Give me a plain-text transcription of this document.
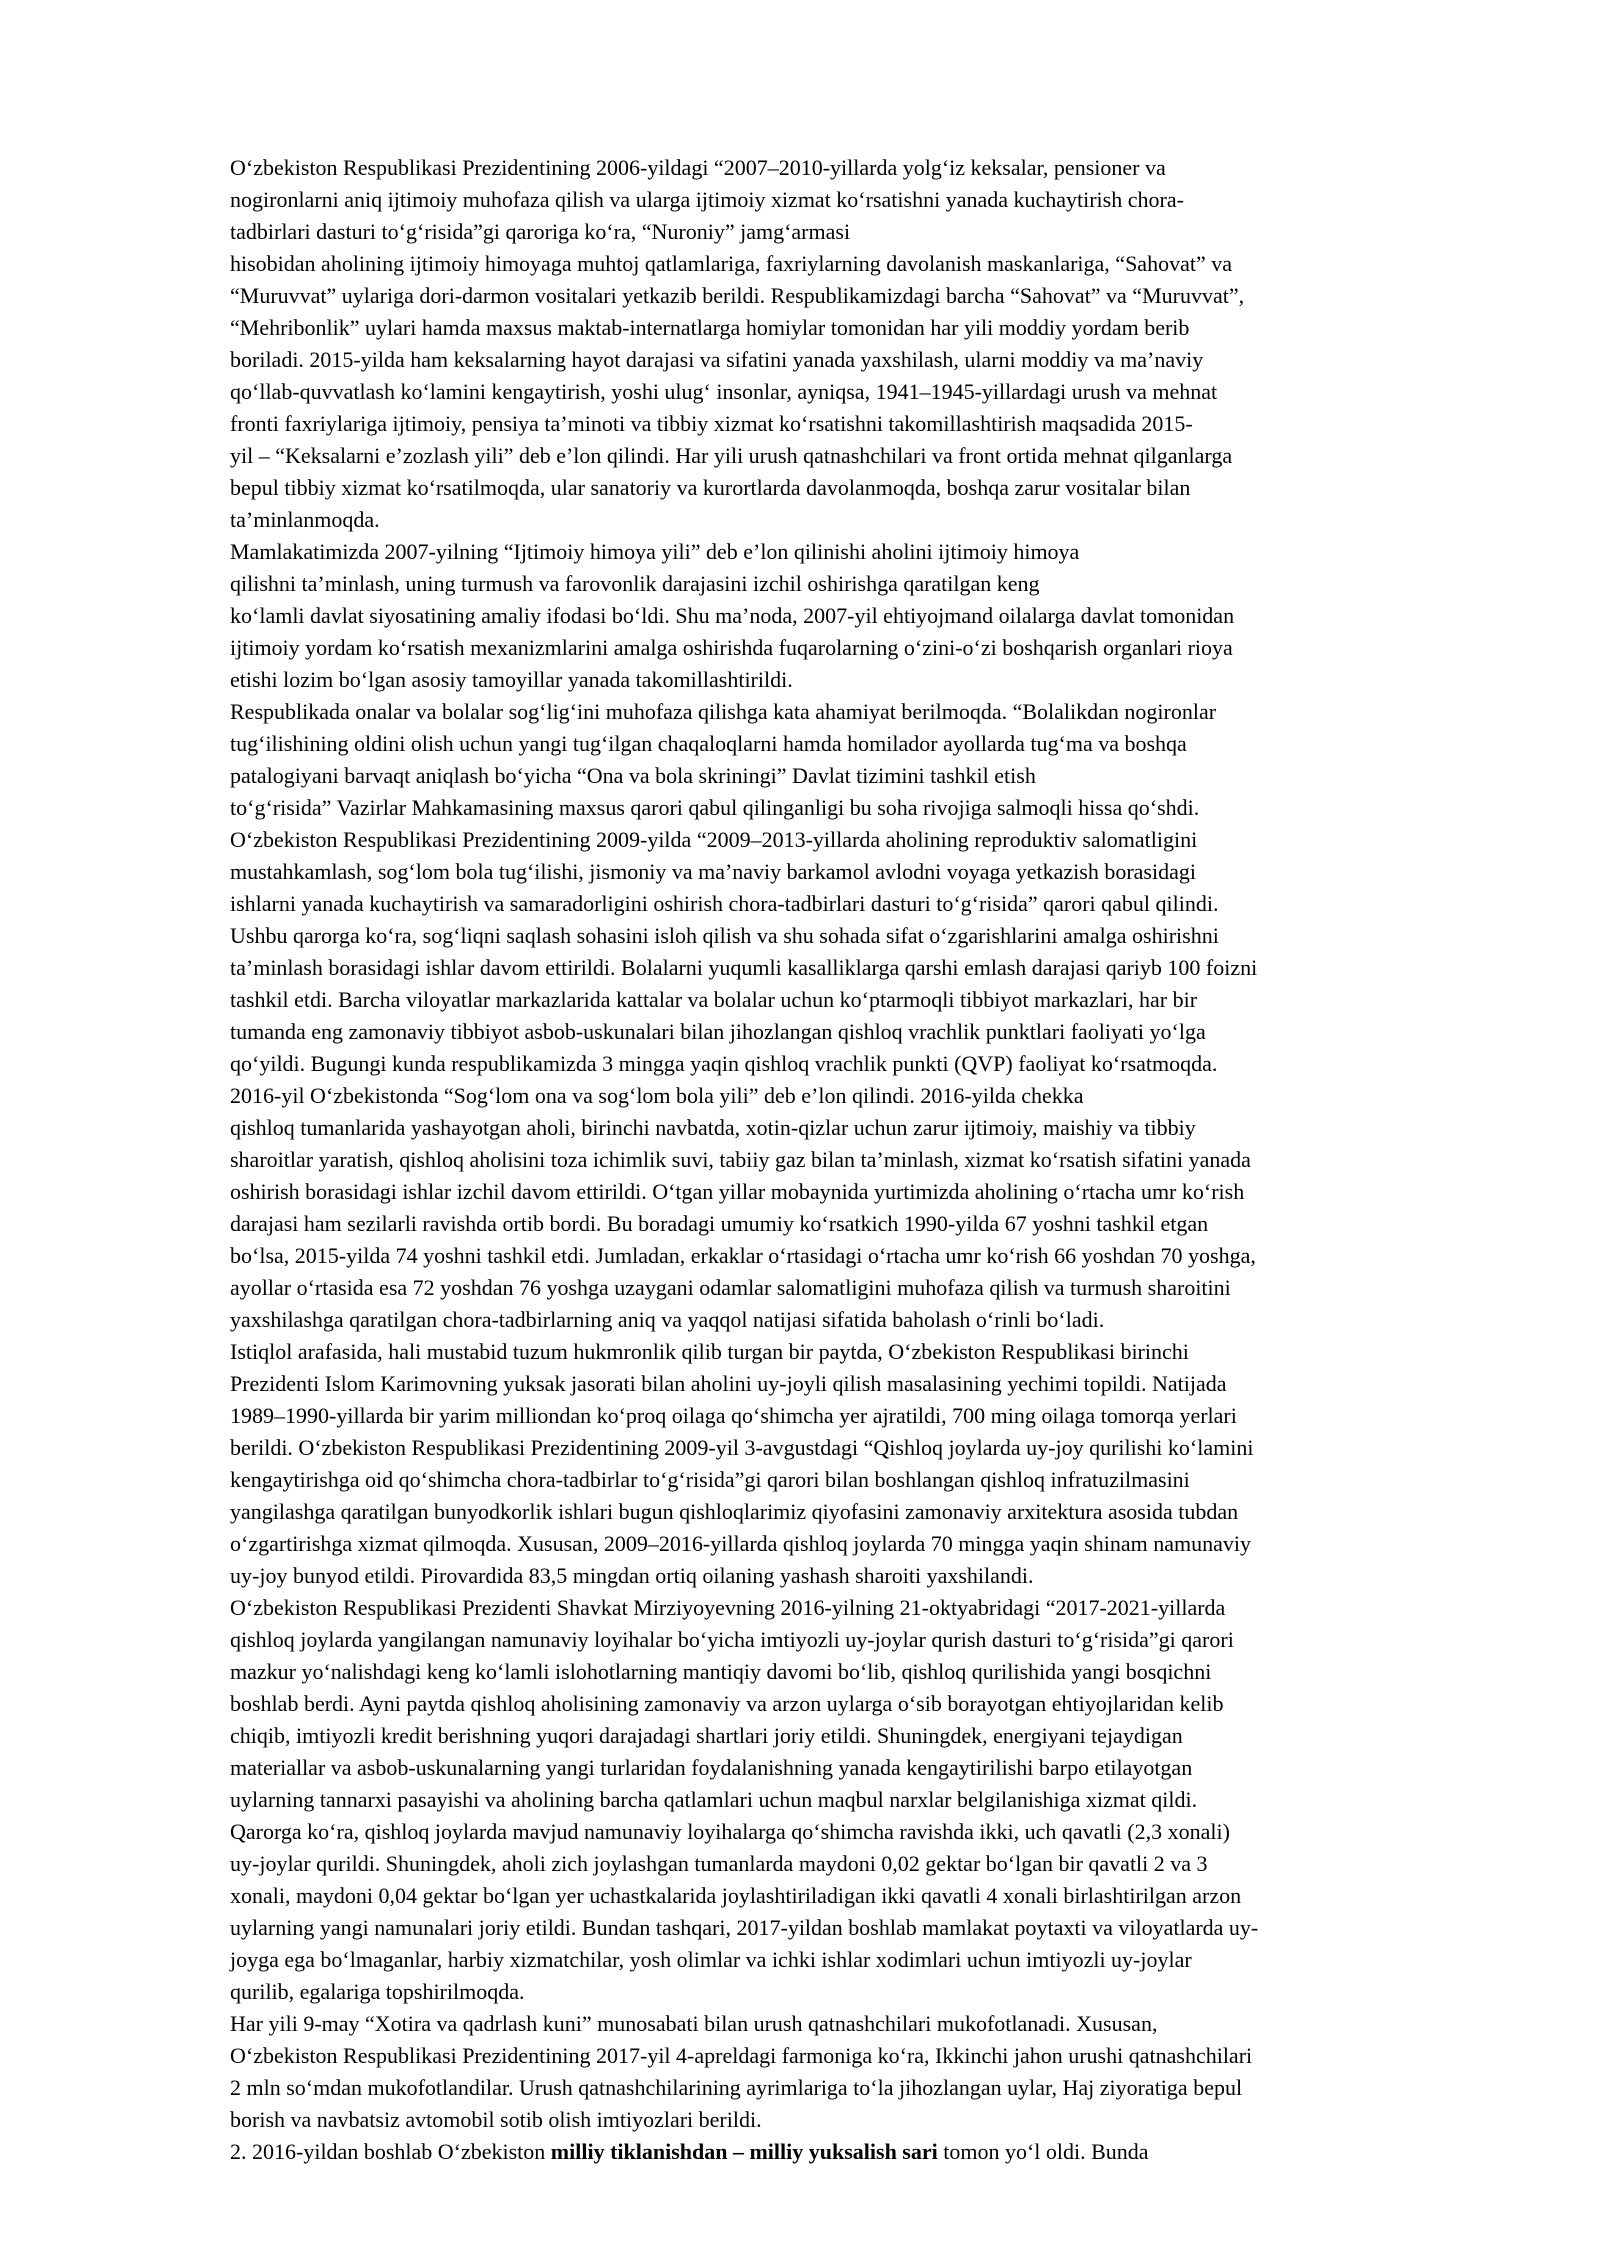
O‘zbekiston Respublikasi Prezidentining 2006-yildagi “2007–2010-yillarda yolg‘iz keksalar, pensioner va
nogironlarni aniq ijtimoiy muhofaza qilish va ularga ijtimoiy xizmat ko‘rsatishni yanada kuchaytirish chora-
tadbirlari dasturi to‘g‘risida”gi qaroriga ko‘ra, “Nuroniy” jamg‘armasi
hisobidan aholining ijtimoiy himoyaga muhtoj qatlamlariga, faxriylarning davolanish maskanlariga, “Sahovat” va
“Muruvvat” uylariga dori-darmon vositalari yetkazib berildi. Respublikamizdagi barcha “Sahovat” va “Muruvvat”,
“Mehribonlik” uylari hamda maxsus maktab-internatlarga homiylar tomonidan har yili moddiy yordam berib
boriladi. 2015-yilda ham keksalarning hayot darajasi va sifatini yanada yaxshilash, ularni moddiy va ma’naviy
qo‘llab-quvvatlash ko‘lamini kengaytirish, yoshi ulug‘ insonlar, ayniqsa, 1941–1945-yillardagi urush va mehnat
fronti faxriylariga ijtimoiy, pensiya ta’minoti va tibbiy xizmat ko‘rsatishni takomillashtirish maqsadida 2015-
yil – “Keksalarni e’zozlash yili” deb e’lon qilindi. Har yili urush qatnashchilari va front ortida mehnat qilganlarga
bepul tibbiy xizmat ko‘rsatilmoqda, ular sanatoriy va kurortlarda davolanmoqda, boshqa zarur vositalar bilan
ta’minlanmoqda.
Mamlakatimizda 2007-yilning “Ijtimoiy himoya yili” deb e’lon qilinishi aholini ijtimoiy himoya
qilishni ta’minlash, uning turmush va farovonlik darajasini izchil oshirishga qaratilgan keng
ko‘lamli davlat siyosatining amaliy ifodasi bo‘ldi. Shu ma’noda, 2007-yil ehtiyojmand oilalarga davlat tomonidan
ijtimoiy yordam ko‘rsatish mexanizmlarini amalga oshirishda fuqarolarning o‘zini-o‘zi boshqarish organlari rioya
etishi lozim bo‘lgan asosiy tamoyillar yanada takomillashtirildi.
Respublikada onalar va bolalar sog‘lig‘ini muhofaza qilishga kata ahamiyat berilmoqda. “Bolalikdan nogironlar
tug‘ilishining oldini olish uchun yangi tug‘ilgan chaqaloqlarni hamda homilador ayollarda tug‘ma va boshqa
patalogiyani barvaqt aniqlash bo‘yicha “Ona va bola skriningi” Davlat tizimini tashkil etish
to‘g‘risida” Vazirlar Mahkamasining maxsus qarori qabul qilinganligi bu soha rivojiga salmoqli hissa qo‘shdi.
O‘zbekiston Respublikasi Prezidentining 2009-yilda “2009–2013-yillarda aholining reproduktiv salomatligini
mustahkamlash, sog‘lom bola tug‘ilishi, jismoniy va ma’naviy barkamol avlodni voyaga yetkazish borasidagi
ishlarni yanada kuchaytirish va samaradorligini oshirish chora-tadbirlari dasturi to‘g‘risida” qarori qabul qilindi.
Ushbu qarorga ko‘ra, sog‘liqni saqlash sohasini isloh qilish va shu sohada sifat o‘zgarishlarini amalga oshirishni
ta’minlash borasidagi ishlar davom ettirildi. Bolalarni yuqumli kasalliklarga qarshi emlash darajasi qariyb 100 foizni
tashkil etdi. Barcha viloyatlar markazlarida kattalar va bolalar uchun ko‘ptarmoqli tibbiyot markazlari, har bir
tumanda eng zamonaviy tibbiyot asbob-uskunalari bilan jihozlangan qishloq vrachlik punktlari faoliyati yo‘lga
qo‘yildi. Bugungi kunda respublikamizda 3 mingga yaqin qishloq vrachlik punkti (QVP) faoliyat ko‘rsatmoqda.
2016-yil O‘zbekistonda “Sog‘lom ona va sog‘lom bola yili” deb e’lon qilindi. 2016-yilda chekka
qishloq tumanlarida yashayotgan aholi, birinchi navbatda, xotin-qizlar uchun zarur ijtimoiy, maishiy va tibbiy
sharoitlar yaratish, qishloq aholisini toza ichimlik suvi, tabiiy gaz bilan ta’minlash, xizmat ko‘rsatish sifatini yanada
oshirish borasidagi ishlar izchil davom ettirildi. O‘tgan yillar mobaynida yurtimizda aholining o‘rtacha umr ko‘rish
darajasi ham sezilarli ravishda ortib bordi. Bu boradagi umumiy ko‘rsatkich 1990-yilda 67 yoshni tashkil etgan
bo‘lsa, 2015-yilda 74 yoshni tashkil etdi. Jumladan, erkaklar o‘rtasidagi o‘rtacha umr ko‘rish 66 yoshdan 70 yoshga,
ayollar o‘rtasida esa 72 yoshdan 76 yoshga uzaygani odamlar salomatligini muhofaza qilish va turmush sharoitini
yaxshilashga qaratilgan chora-tadbirlarning aniq va yaqqol natijasi sifatida baholash o‘rinli bo‘ladi.
Istiqlol arafasida, hali mustabid tuzum hukmronlik qilib turgan bir paytda, O‘zbekiston Respublikasi birinchi
Prezidenti Islom Karimovning yuksak jasorati bilan aholini uy-joyli qilish masalasining yechimi topildi. Natijada
1989–1990-yillarda bir yarim milliondan ko‘proq oilaga qo‘shimcha yer ajratildi, 700 ming oilaga tomorqa yerlari
berildi. O‘zbekiston Respublikasi Prezidentining 2009-yil 3-avgustdagi “Qishloq joylarda uy-joy qurilishi ko‘lamini
kengaytirishga oid qo‘shimcha chora-tadbirlar to‘g‘risida”gi qarori bilan boshlangan qishloq infratuzilmasini
yangilashga qaratilgan bunyodkorlik ishlari bugun qishloqlarimiz qiyofasini zamonaviy arxitektura asosida tubdan
o‘zgartirishga xizmat qilmoqda. Xususan, 2009–2016-yillarda qishloq joylarda 70 mingga yaqin shinam namunaviy
uy-joy bunyod etildi. Pirovardida 83,5 mingdan ortiq oilaning yashash sharoiti yaxshilandi.
O‘zbekiston Respublikasi Prezidenti Shavkat Mirziyoyevning 2016-yilning 21-oktyabridagi “2017-2021-yillarda
qishloq joylarda yangilangan namunaviy loyihalar bo‘yicha imtiyozli uy-joylar qurish dasturi to‘g‘risida”gi qarori
mazkur yo‘nalishdagi keng ko‘lamli islohotlarning mantiqiy davomi bo‘lib, qishloq qurilishida yangi bosqichni
boshlab berdi. Ayni paytda qishloq aholisining zamonaviy va arzon uylarga o‘sib borayotgan ehtiyojlaridan kelib
chiqib, imtiyozli kredit berishning yuqori darajadagi shartlari joriy etildi. Shuningdek, energiyani tejaydigan
materiallar va asbob-uskunalarning yangi turlaridan foydalanishning yanada kengaytirilishi barpo etilayotgan
uylarning tannarxi pasayishi va aholining barcha qatlamlari uchun maqbul narxlar belgilanishiga xizmat qildi.
Qarorga ko‘ra, qishloq joylarda mavjud namunaviy loyihalarga qo‘shimcha ravishda ikki, uch qavatli (2,3 xonali)
uy-joylar qurildi. Shuningdek, aholi zich joylashgan tumanlarda maydoni 0,02 gektar bo‘lgan bir qavatli 2 va 3
xonali, maydoni 0,04 gektar bo‘lgan yer uchastkalarida joylashtiriladigan ikki qavatli 4 xonali birlashtirilgan arzon
uylarning yangi namunalari joriy etildi. Bundan tashqari, 2017-yildan boshlab mamlakat poytaxti va viloyatlarda uy-
joyga ega bo‘lmaganlar, harbiy xizmatchilar, yosh olimlar va ichki ishlar xodimlari uchun imtiyozli uy-joylar
qurilib, egalariga topshirilmoqda.
Har yili 9-may “Xotira va qadrlash kuni” munosabati bilan urush qatnashchilari mukofotlanadi. Xususan,
O‘zbekiston Respublikasi Prezidentining 2017-yil 4-apreldagi farmoniga ko‘ra, Ikkinchi jahon urushi qatnashchilari
2 mln so‘mdan mukofotlandilar. Urush qatnashchilarining ayrimlariga to‘la jihozlangan uylar, Haj ziyoratiga bepul
borish va navbatsiz avtomobil sotib olish imtiyozlari berildi.
2. 2016-yildan boshlab O‘zbekiston milliy tiklanishdan – milliy yuksalish sari tomon yo‘l oldi. Bunda
